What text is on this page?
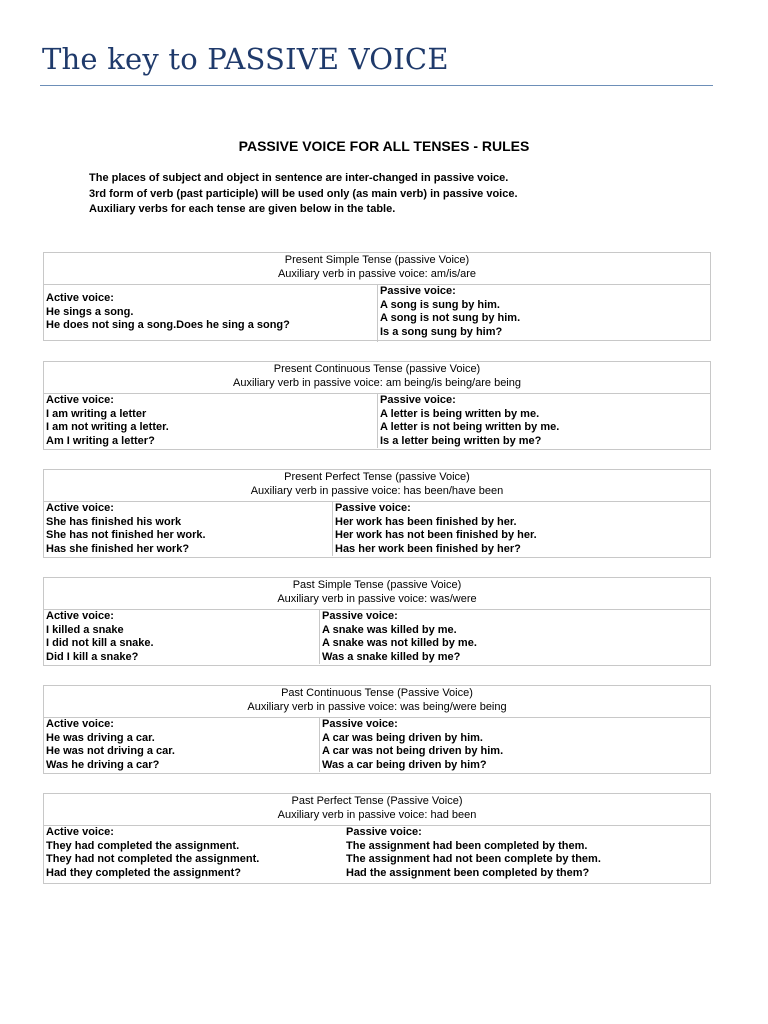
The key to PASSIVE VOICE
PASSIVE VOICE FOR ALL TENSES - RULES
The places of subject and object in sentence are inter-changed in passive voice.
3rd form of verb (past participle) will be used only (as main verb) in passive voice.
Auxiliary verbs for each tense are given below in the table.
Present Simple Tense (passive Voice)
Auxiliary verb in passive voice: am/is/are
Active voice:
He sings a song.
He does not sing a song.Does he sing a song?
Passive voice:
A song is sung by him.
A song is not sung by him.
Is a song sung by him?
Present Continuous Tense (passive Voice)
Auxiliary verb in passive voice: am being/is being/are being
Active voice:
I am writing a letter
I am not writing a letter.
Am I writing a letter?
Passive voice:
A letter is being written by me.
A letter is not being written by me.
Is a letter being written by me?
Present Perfect Tense (passive Voice)
Auxiliary verb in passive voice: has been/have been
Active voice:
She has finished his work
She has not finished her work.
Has she finished her work?
Passive voice:
Her work has been finished by her.
Her work has not been finished by her.
Has her work been finished by her?
Past Simple Tense (passive Voice)
Auxiliary verb in passive voice: was/were
Active voice:
I killed a snake
I did not kill a snake.
Did I kill a snake?
Passive voice:
A snake was killed by me.
A snake was not killed by me.
Was a snake killed by me?
Past Continuous Tense (Passive Voice)
Auxiliary verb in passive voice: was being/were being
Active voice:
He was driving a car.
He was not driving a car.
Was he driving a car?
Passive voice:
A car was being driven by him.
A car was not being driven by him.
Was a car being driven by him?
Past Perfect Tense (Passive Voice)
Auxiliary verb in passive voice: had been
Active voice:
They had completed the assignment.
They had not completed the assignment.
Had they completed the assignment?
Passive voice:
The assignment had been completed by them.
The assignment had not been complete by them.
Had the assignment been completed by them?
